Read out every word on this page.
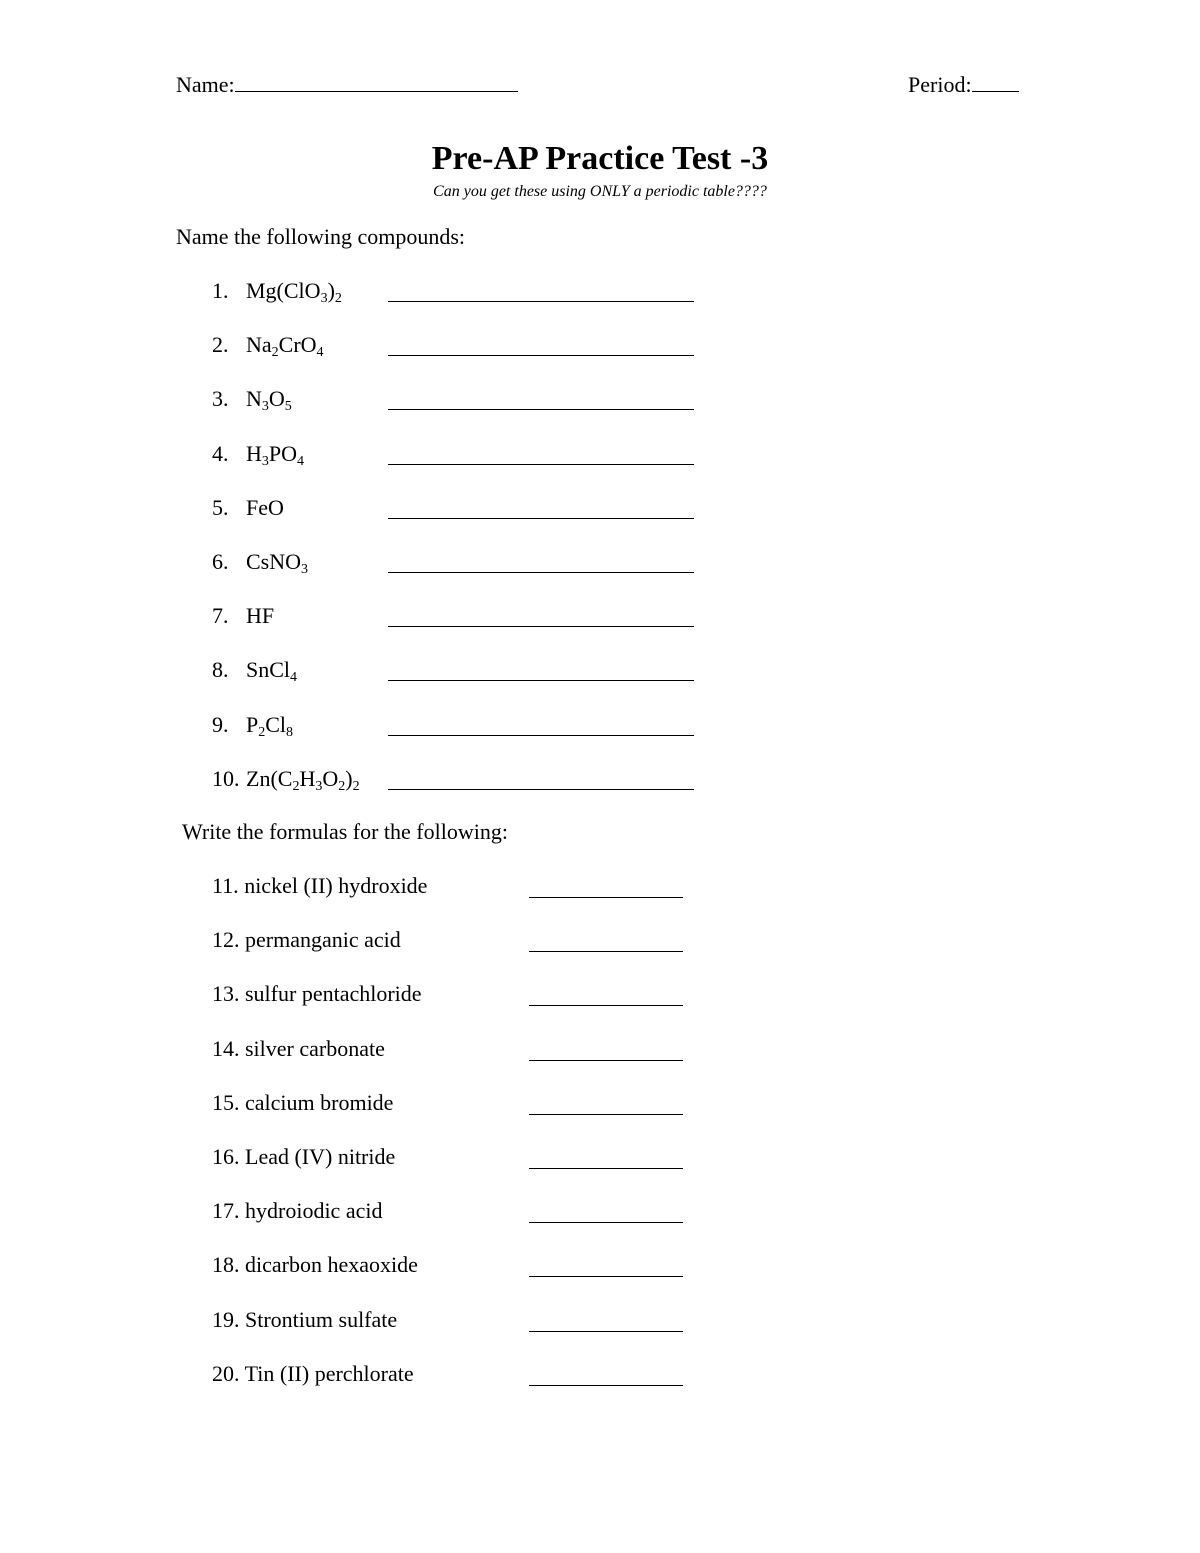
Name:	Period:
Pre-AP Practice Test -3
Can you get these using ONLY a periodic table????
Name the following compounds:
1. $Mg(ClO_3)_2$
2. $Na_2CrO_4$
3. $N_3O_5$
4. $H_3PO_4$
5. FeO
6. CsNO$_3$
7. HF
8. SnCl$_4$
9. $P_2Cl_8$
10. $Zn(C_2H_3O_2)_2$
Write the formulas for the following:
11. nickel (II) hydroxide
12. permanganic acid
13. sulfur pentachloride
14. silver carbonate
15. calcium bromide
16. Lead (IV) nitride
17. hydroiodic acid
18. dicarbon hexaoxide
19. Strontium sulfate
20. Tin (II) perchlorate
